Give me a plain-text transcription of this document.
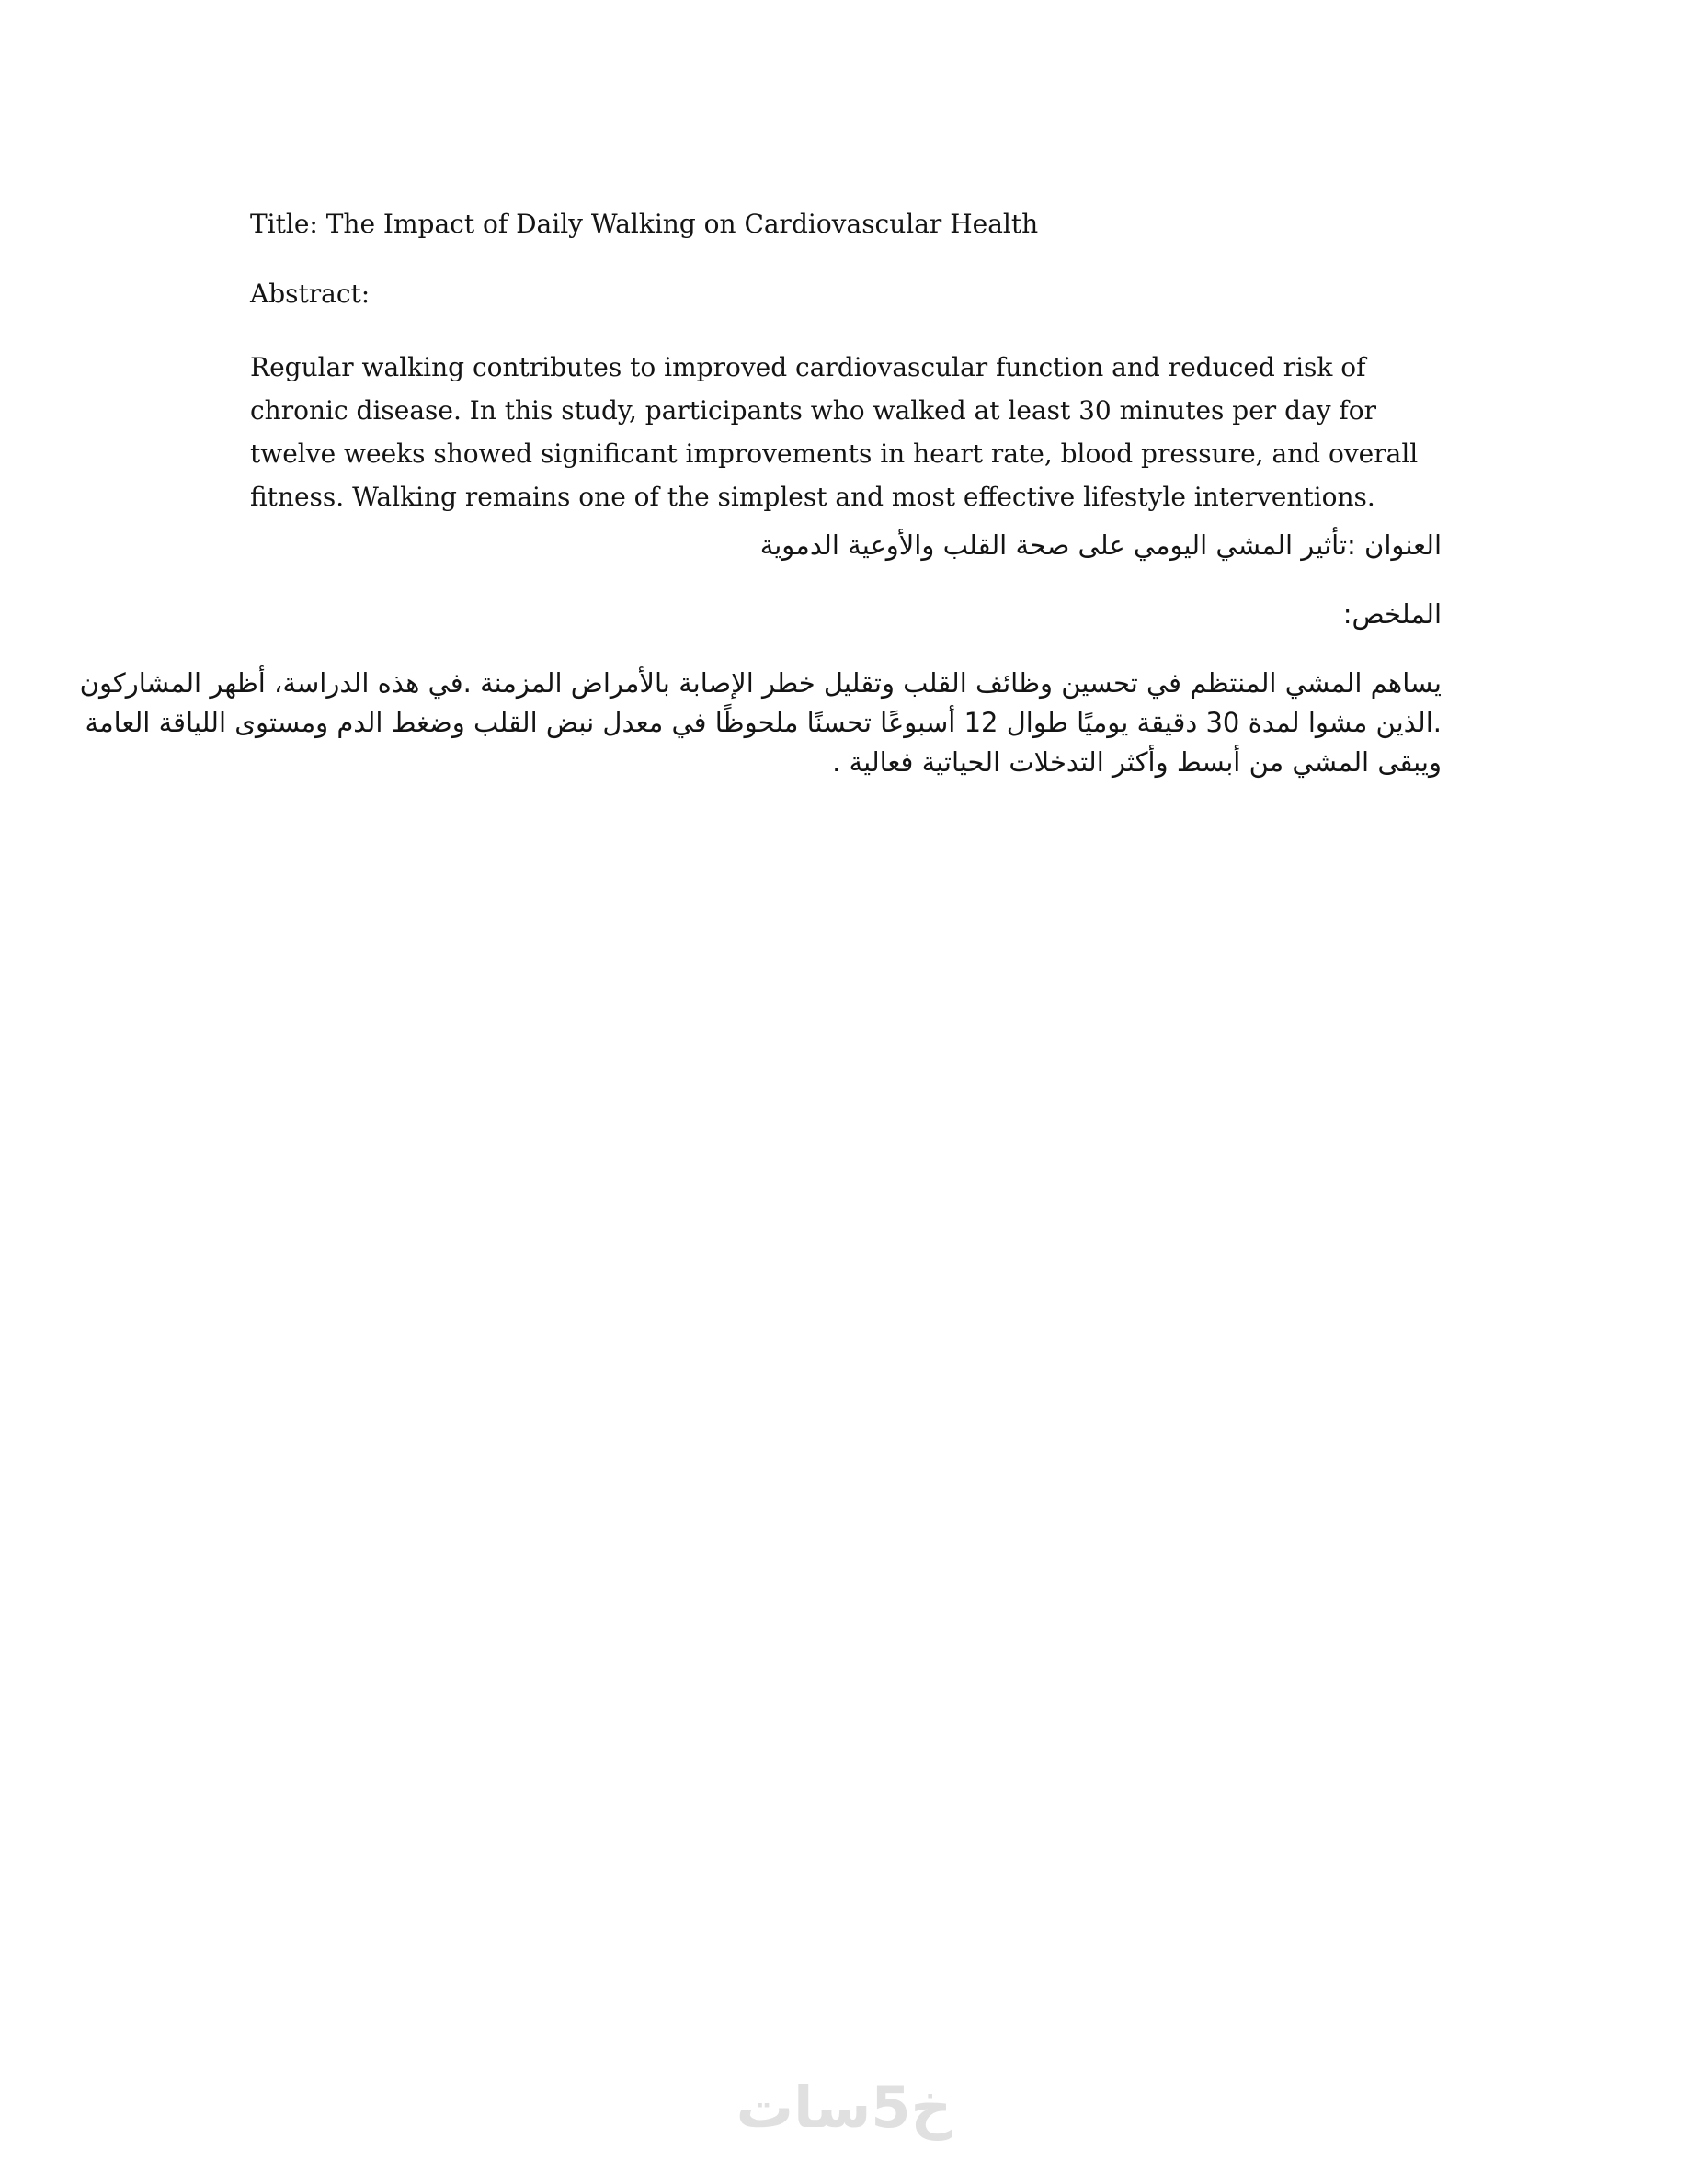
Title: The Impact of Daily Walking on Cardiovascular Health
Abstract:
Regular walking contributes to improved cardiovascular function and reduced risk of
chronic disease. In this study, participants who walked at least 30 minutes per day for
twelve weeks showed significant improvements in heart rate, blood pressure, and overall
fitness. Walking remains one of the simplest and most effective lifestyle interventions.
العنوان :تأثير المشي اليومي على صحة القلب والأوعية الدموية
الملخص:
يساهم المشي المنتظم في تحسين وظائف القلب وتقليل خطر الإصابة بالأمراض المزمنة .في هذه الدراسة، أظهر المشاركون
.الذين مشوا لمدة 30 دقيقة يوميًا طوال 12 أسبوعًا تحسنًا ملحوظًا في معدل نبض القلب وضغط الدم ومستوى اللياقة العامة
ويبقى المشي من أبسط وأكثر التدخلات الحياتية فعالية .
خ5سات
